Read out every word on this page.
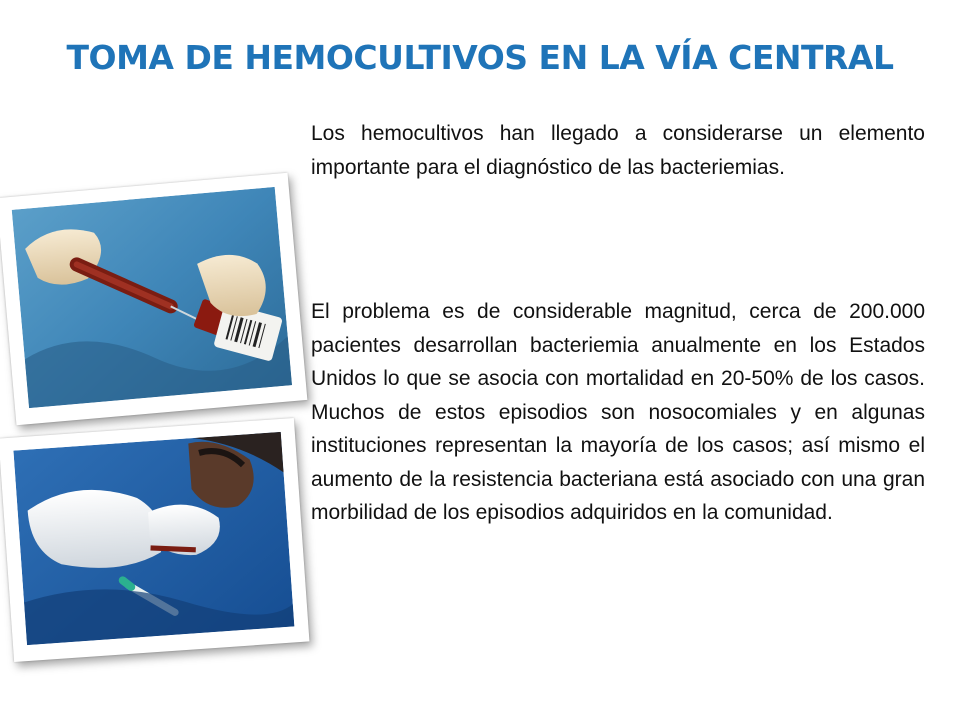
TOMA DE HEMOCULTIVOS EN LA VÍA CENTRAL

Los hemocultivos han llegado a considerarse un elemento importante para el diagnóstico de las bacteriemias.

El problema es de considerable magnitud, cerca de 200.000 pacientes desarrollan bacteriemia anualmente en los Estados Unidos lo que se asocia con mortalidad en 20-50% de los casos. Muchos de estos episodios son nosocomiales y en algunas instituciones representan la mayoría de los casos; así mismo el aumento de la resistencia bacteriana está asociado con una gran morbilidad de los episodios adquiridos en la comunidad.
